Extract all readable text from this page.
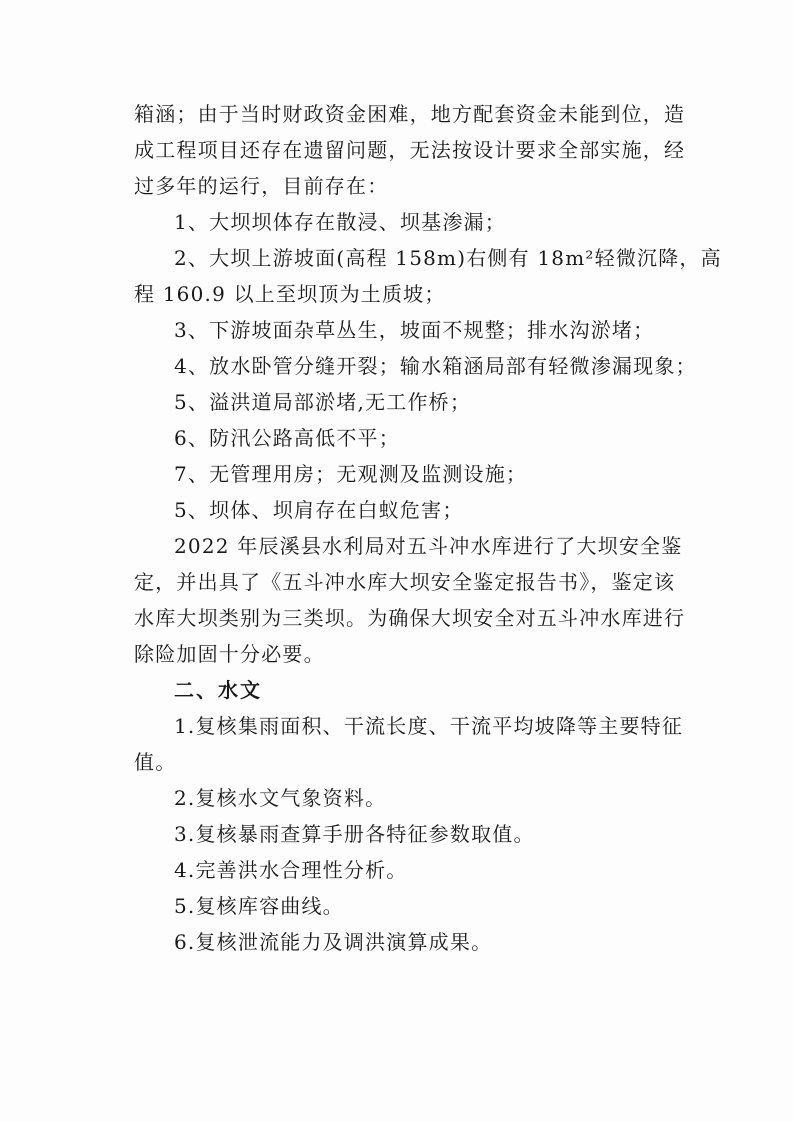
箱涵；由于当时财政资金困难，地方配套资金未能到位，造
成工程项目还存在遗留问题，无法按设计要求全部实施，经
过多年的运行，目前存在：
1、大坝坝体存在散浸、坝基渗漏；
2、大坝上游坡面(高程 158m)右侧有 18m²轻微沉降，高
程 160.9 以上至坝顶为土质坡；
3、下游坡面杂草丛生，坡面不规整；排水沟淤堵；
4、放水卧管分缝开裂；输水箱涵局部有轻微渗漏现象；
5、溢洪道局部淤堵,无工作桥；
6、防汛公路高低不平；
7、无管理用房；无观测及监测设施；
5、坝体、坝肩存在白蚁危害；
2022 年辰溪县水利局对五斗冲水库进行了大坝安全鉴
定，并出具了《五斗冲水库大坝安全鉴定报告书》，鉴定该
水库大坝类别为三类坝。为确保大坝安全对五斗冲水库进行
除险加固十分必要。
二、水文
1.复核集雨面积、干流长度、干流平均坡降等主要特征
值。
2.复核水文气象资料。
3.复核暴雨查算手册各特征参数取值。
4.完善洪水合理性分析。
5.复核库容曲线。
6.复核泄流能力及调洪演算成果。
